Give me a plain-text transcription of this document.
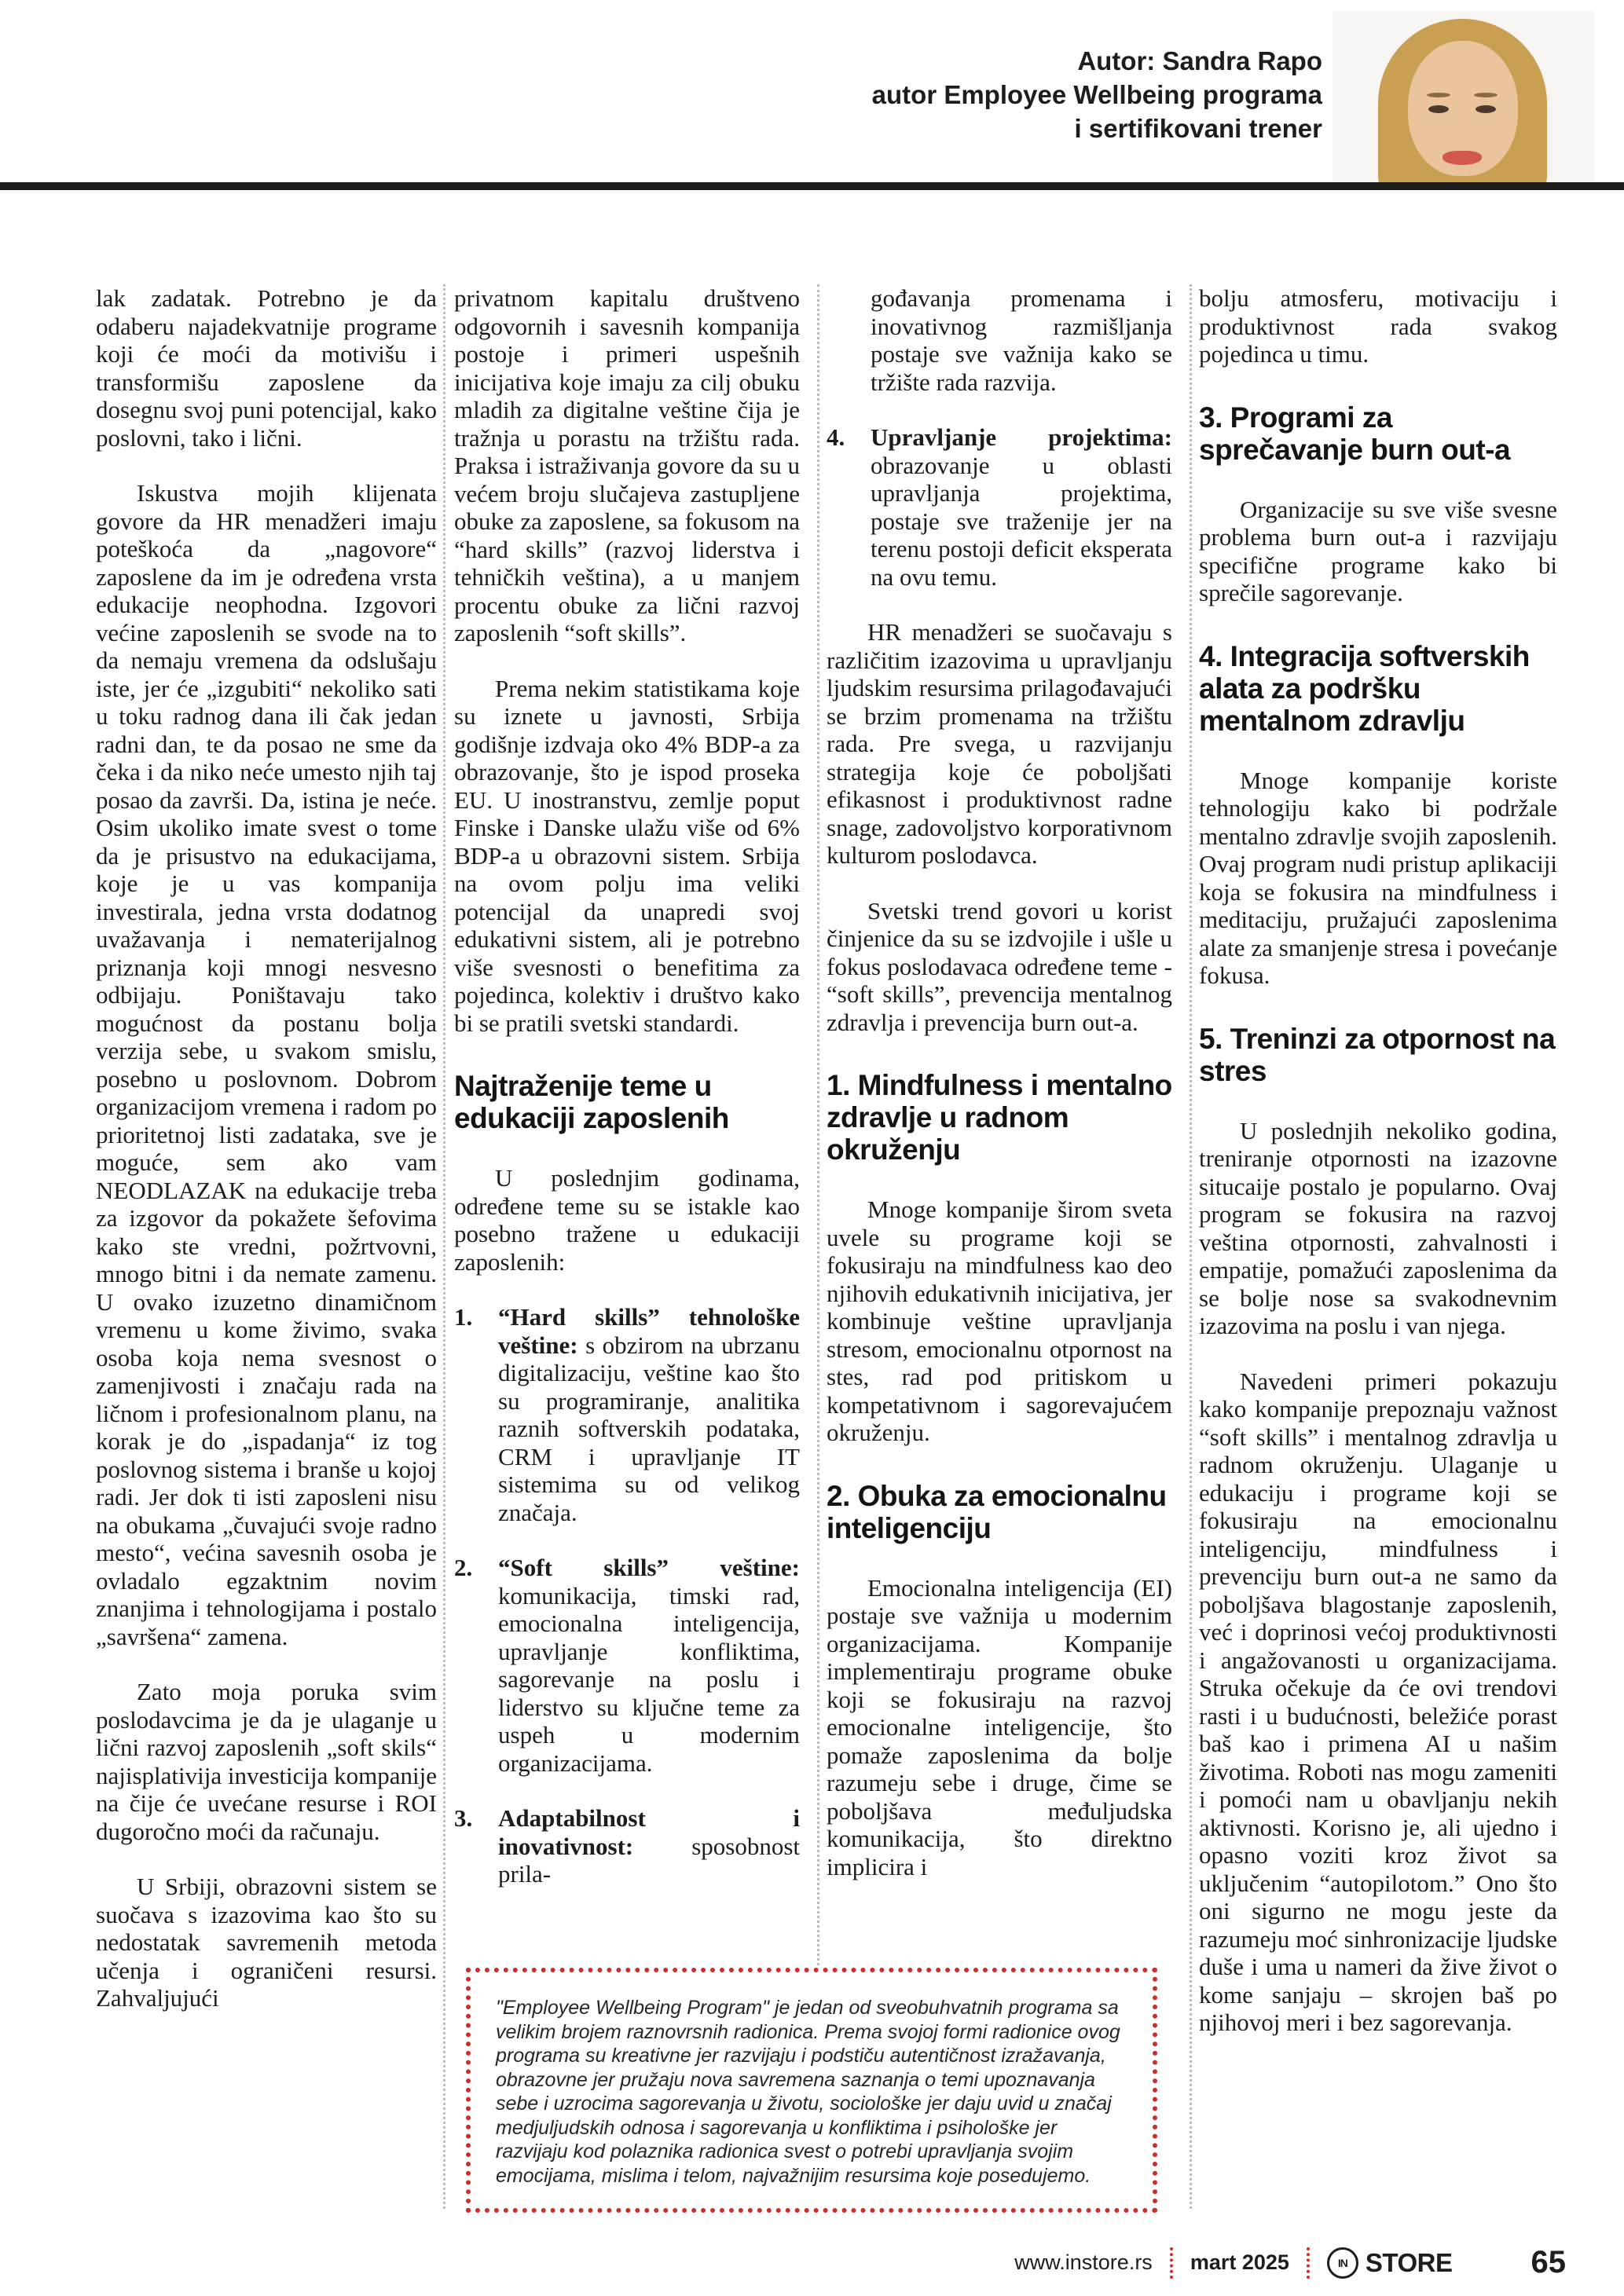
Autor: Sandra Rapo
autor Employee Wellbeing programa
i sertifikovani trener

lak zadatak. Potrebno je da odaberu najadekvatnije programe koji će moći da motivišu i transformišu zaposlene da dosegnu svoj puni potencijal, kako poslovni, tako i lični.

Iskustva mojih klijenata govore da HR menadžeri imaju poteškoća da „nagovore“ zaposlene da im je određena vrsta edukacije neophodna. Izgovori većine zaposlenih se svode na to da nemaju vremena da odslušaju iste, jer će „izgubiti“ nekoliko sati u toku radnog dana ili čak jedan radni dan, te da posao ne sme da čeka i da niko neće umesto njih taj posao da završi. Da, istina je neće. Osim ukoliko imate svest o tome da je prisustvo na edukacijama, koje je u vas kompanija investirala, jedna vrsta dodatnog uvažavanja i nematerijalnog priznanja koji mnogi nesvesno odbijaju. Poništavaju tako mogućnost da postanu bolja verzija sebe, u svakom smislu, posebno u poslovnom. Dobrom organizacijom vremena i radom po prioritetnoj listi zadataka, sve je moguće, sem ako vam NEODLAZAK na edukacije treba za izgovor da pokažete šefovima kako ste vredni, požrtvovni, mnogo bitni i da nemate zamenu. U ovako izuzetno dinamičnom vremenu u kome živimo, svaka osoba koja nema svesnost o zamenjivosti i značaju rada na ličnom i profesionalnom planu, na korak je do „ispadanja“ iz tog poslovnog sistema i branše u kojoj radi. Jer dok ti isti zaposleni nisu na obukama „čuvajući svoje radno mesto“, većina savesnih osoba je ovladalo egzaktnim novim znanjima i tehnologijama i postalo „savršena“ zamena.

Zato moja poruka svim poslodavcima je da je ulaganje u lični razvoj zaposlenih „soft skils“ najisplativija investicija kompanije na čije će uvećane resurse i ROI dugoročno moći da računaju.

U Srbiji, obrazovni sistem se suočava s izazovima kao što su nedostatak savremenih metoda učenja i ograničeni resursi. Zahvaljujući

privatnom kapitalu društveno odgovornih i savesnih kompanija postoje i primeri uspešnih inicijativa koje imaju za cilj obuku mladih za digitalne veštine čija je tražnja u porastu na tržištu rada. Praksa i istraživanja govore da su u većem broju slučajeva zastupljene obuke za zaposlene, sa fokusom na “hard skills” (razvoj liderstva i tehničkih veština), a u manjem procentu obuke za lični razvoj zaposlenih “soft skills”.

Prema nekim statistikama koje su iznete u javnosti, Srbija godišnje izdvaja oko 4% BDP-a za obrazovanje, što je ispod proseka EU. U inostranstvu, zemlje poput Finske i Danske ulažu više od 6% BDP-a u obrazovni sistem. Srbija na ovom polju ima veliki potencijal da unapredi svoj edukativni sistem, ali je potrebno više svesnosti o benefitima za pojedinca, kolektiv i društvo kako bi se pratili svetski standardi.

Najtraženije teme u edukaciji zaposlenih

U poslednjim godinama, određene teme su se istakle kao posebno tražene u edukaciji zaposlenih:

1.	“Hard skills” tehnološke veštine: s obzirom na ubrzanu digitalizaciju, veštine kao što su programiranje, analitika raznih softverskih podataka, CRM i upravljanje IT sistemima su od velikog značaja.
2.	“Soft skills” veštine: komunikacija, timski rad, emocionalna inteligencija, upravljanje konfliktima, sagorevanje na poslu i liderstvo su ključne teme za uspeh u modernim organizacijama.
3.	Adaptabilnost i inovativnost: sposobnost prila-

gođavanja promenama i inovativnog razmišljanja postaje sve važnija kako se tržište rada razvija.

4.	Upravljanje projektima: obrazovanje u oblasti upravljanja projektima, postaje sve traženije jer na terenu postoji deficit eksperata na ovu temu.

HR menadžeri se suočavaju s različitim izazovima u upravljanju ljudskim resursima prilagođavajući se brzim promenama na tržištu rada. Pre svega, u razvijanju strategija koje će poboljšati efikasnost i produktivnost radne snage, zadovoljstvo korporativnom kulturom poslodavca.

Svetski trend govori u korist činjenice da su se izdvojile i ušle u fokus poslodavaca određene teme - “soft skills”, prevencija mentalnog zdravlja i prevencija burn out-a.

1. Mindfulness i mentalno zdravlje u radnom okruženju

Mnoge kompanije širom sveta uvele su programe koji se fokusiraju na mindfulness kao deo njihovih edukativnih inicijativa, jer kombinuje veštine upravljanja stresom, emocionalnu otpornost na stes, rad pod pritiskom u kompetativnom i sagorevajućem okruženju.

2. Obuka za emocionalnu inteligenciju

Emocionalna inteligencija (EI) postaje sve važnija u modernim organizacijama. Kompanije implementiraju programe obuke koji se fokusiraju na razvoj emocionalne inteligencije, što pomaže zaposlenima da bolje razumeju sebe i druge, čime se poboljšava međuljudska komunikacija, što direktno implicira i

bolju atmosferu, motivaciju i produktivnost rada svakog pojedinca u timu.

3. Programi za sprečavanje burn out-a

Organizacije su sve više svesne problema burn out-a i razvijaju specifične programe kako bi sprečile sagorevanje.

4. Integracija softverskih alata za podršku mentalnom zdravlju

Mnoge kompanije koriste tehnologiju kako bi podržale mentalno zdravlje svojih zaposlenih. Ovaj program nudi pristup aplikaciji koja se fokusira na mindfulness i meditaciju, pružajući zaposlenima alate za smanjenje stresa i povećanje fokusa.

5. Treninzi za otpornost na stres

U poslednjih nekoliko godina, treniranje otpornosti na izazovne situcaije postalo je popularno. Ovaj program se fokusira na razvoj veština otpornosti, zahvalnosti i empatije, pomažući zaposlenima da se bolje nose sa svakodnevnim izazovima na poslu i van njega.

Navedeni primeri pokazuju kako kompanije prepoznaju važnost “soft skills” i mentalnog zdravlja u radnom okruženju. Ulaganje u edukaciju i programe koji se fokusiraju na emocionalnu inteligenciju, mindfulness i prevenciju burn out-a ne samo da poboljšava blagostanje zaposlenih, već i doprinosi većoj produktivnosti i angažovanosti u organizacijama. Struka očekuje da će ovi trendovi rasti i u budućnosti, beležiće porast baš kao i primena AI u našim životima. Roboti nas mogu zameniti i pomoći nam u obavljanju nekih aktivnosti. Korisno je, ali ujedno i opasno voziti kroz život sa uključenim “autopilotom.” Ono što oni sigurno ne mogu jeste da razumeju moć sinhronizacije ljudske duše i uma u nameri da žive život o kome sanjaju – skrojen baš po njihovoj meri i bez sagorevanja.

"Employee Wellbeing Program" je jedan od sveobuhvatnih programa sa velikim brojem raznovrsnih radionica. Prema svojoj formi radionice ovog programa su kreativne jer razvijaju i podstiču autentičnost izražavanja, obrazovne jer pružaju nova savremena saznanja o temi upoznavanja sebe i uzrocima sagorevanja u životu, sociološke jer daju uvid u značaj medjuljudskih odnosa i sagorevanja u konfliktima i psihološke jer razvijaju kod polaznika radionica svest o potrebi upravljanja svojim emocijama, mislima i telom, najvažnijim resursima koje posedujemo.
www.instore.rs mart 2025	IN STORE	65
